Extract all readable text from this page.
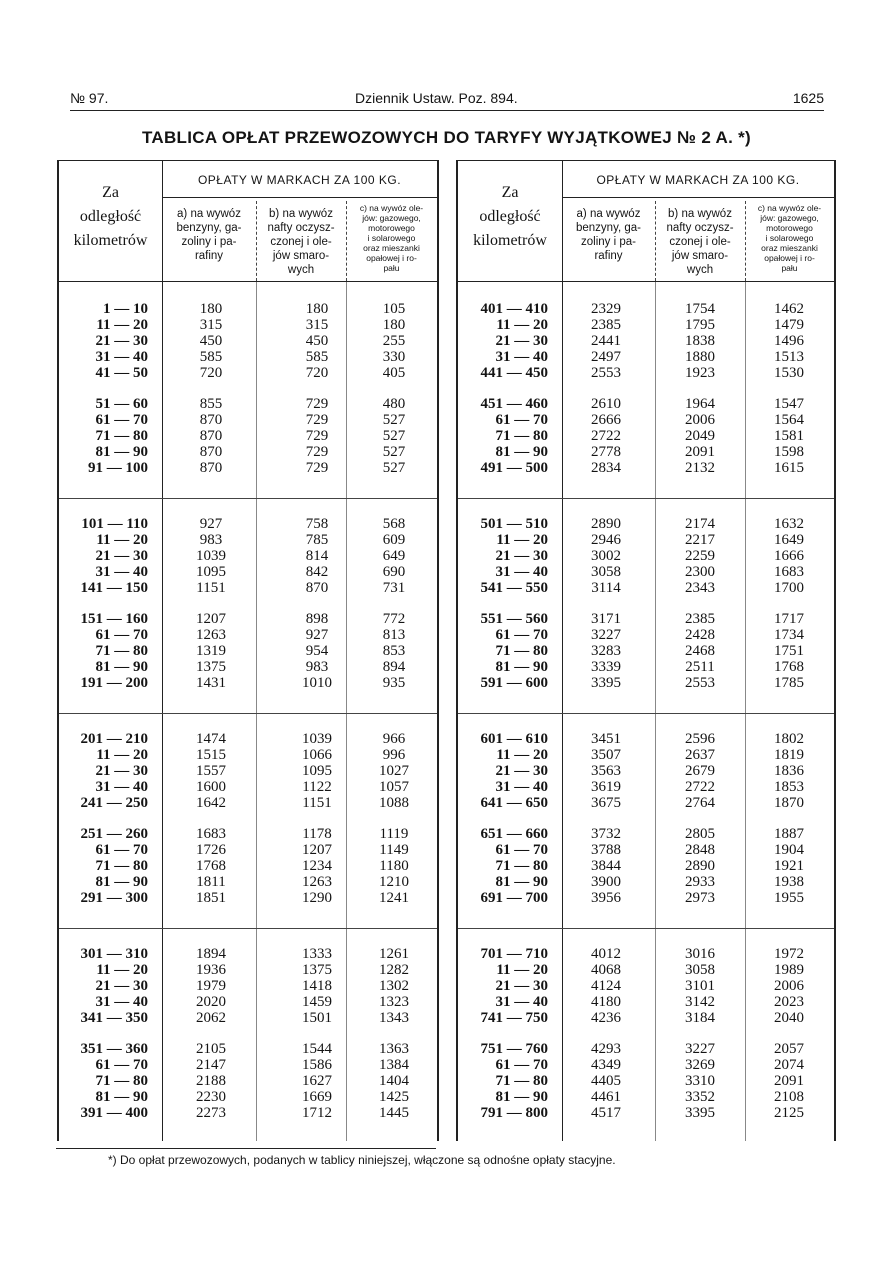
№ 97.	Dziennik Ustaw. Poz. 894.	1625
TABLICA OPŁAT PRZEWOZOWYCH DO TARYFY WYJĄTKOWEJ № 2 A. *)
Za
odległość
kilometrów
OPŁATY W MARKACH ZA 100 KG.
a) na wywóz
benzyny, ga-
zoliny i pa-
rafiny
b) na wywóz
nafty oczysz-
czonej i ole-
jów smaro-
wych
c) na wywóz ole-
jów: gazowego,
motorowego
i solarowego
oraz mieszanki
opałowej i ro-
pału
1 — 10	180	180	105
11 — 20	315	315	180
21 — 30	450	450	255
31 — 40	585	585	330
41 — 50	720	720	405
51 — 60	855	729	480
61 — 70	870	729	527
71 — 80	870	729	527
81 — 90	870	729	527
91 — 100	870	729	527
101 — 110	927	758	568
11 — 20	983	785	609
21 — 30	1039	814	649
31 — 40	1095	842	690
141 — 150	1151	870	731
151 — 160	1207	898	772
61 — 70	1263	927	813
71 — 80	1319	954	853
81 — 90	1375	983	894
191 — 200	1431	1010	935
201 — 210	1474	1039	966
11 — 20	1515	1066	996
21 — 30	1557	1095	1027
31 — 40	1600	1122	1057
241 — 250	1642	1151	1088
251 — 260	1683	1178	1119
61 — 70	1726	1207	1149
71 — 80	1768	1234	1180
81 — 90	1811	1263	1210
291 — 300	1851	1290	1241
301 — 310	1894	1333	1261
11 — 20	1936	1375	1282
21 — 30	1979	1418	1302
31 — 40	2020	1459	1323
341 — 350	2062	1501	1343
351 — 360	2105	1544	1363
61 — 70	2147	1586	1384
71 — 80	2188	1627	1404
81 — 90	2230	1669	1425
391 — 400	2273	1712	1445
Za
odległość
kilometrów
OPŁATY W MARKACH ZA 100 KG.
a) na wywóz
benzyny, ga-
zoliny i pa-
rafiny
b) na wywóz
nafty oczysz-
czonej i ole-
jów smaro-
wych
c) na wywóz ole-
jów: gazowego,
motorowego
i solarowego
oraz mieszanki
opałowej i ro-
pału
401 — 410	2329	1754	1462
11 — 20	2385	1795	1479
21 — 30	2441	1838	1496
31 — 40	2497	1880	1513
441 — 450	2553	1923	1530
451 — 460	2610	1964	1547
61 — 70	2666	2006	1564
71 — 80	2722	2049	1581
81 — 90	2778	2091	1598
491 — 500	2834	2132	1615
501 — 510	2890	2174	1632
11 — 20	2946	2217	1649
21 — 30	3002	2259	1666
31 — 40	3058	2300	1683
541 — 550	3114	2343	1700
551 — 560	3171	2385	1717
61 — 70	3227	2428	1734
71 — 80	3283	2468	1751
81 — 90	3339	2511	1768
591 — 600	3395	2553	1785
601 — 610	3451	2596	1802
11 — 20	3507	2637	1819
21 — 30	3563	2679	1836
31 — 40	3619	2722	1853
641 — 650	3675	2764	1870
651 — 660	3732	2805	1887
61 — 70	3788	2848	1904
71 — 80	3844	2890	1921
81 — 90	3900	2933	1938
691 — 700	3956	2973	1955
701 — 710	4012	3016	1972
11 — 20	4068	3058	1989
21 — 30	4124	3101	2006
31 — 40	4180	3142	2023
741 — 750	4236	3184	2040
751 — 760	4293	3227	2057
61 — 70	4349	3269	2074
71 — 80	4405	3310	2091
81 — 90	4461	3352	2108
791 — 800	4517	3395	2125
*) Do opłat przewozowych, podanych w tablicy niniejszej, włączone są odnośne opłaty stacyjne.
